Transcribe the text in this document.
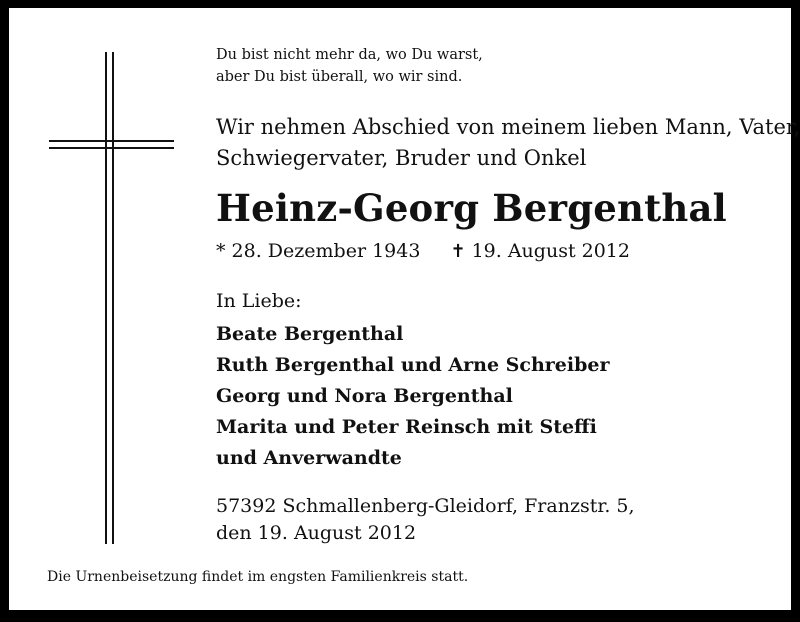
Du bist nicht mehr da, wo Du warst,
aber Du bist überall, wo wir sind.
Wir nehmen Abschied von meinem lieben Mann, Vater,
Schwiegervater, Bruder und Onkel
Heinz-Georg Bergenthal
* 28. Dezember 1943 ✝ 19. August 2012
In Liebe:
Beate Bergenthal
Ruth Bergenthal und Arne Schreiber
Georg und Nora Bergenthal
Marita und Peter Reinsch mit Steffi
und Anverwandte
57392 Schmallenberg-Gleidorf, Franzstr. 5,
den 19. August 2012
Die Urnenbeisetzung findet im engsten Familienkreis statt.
